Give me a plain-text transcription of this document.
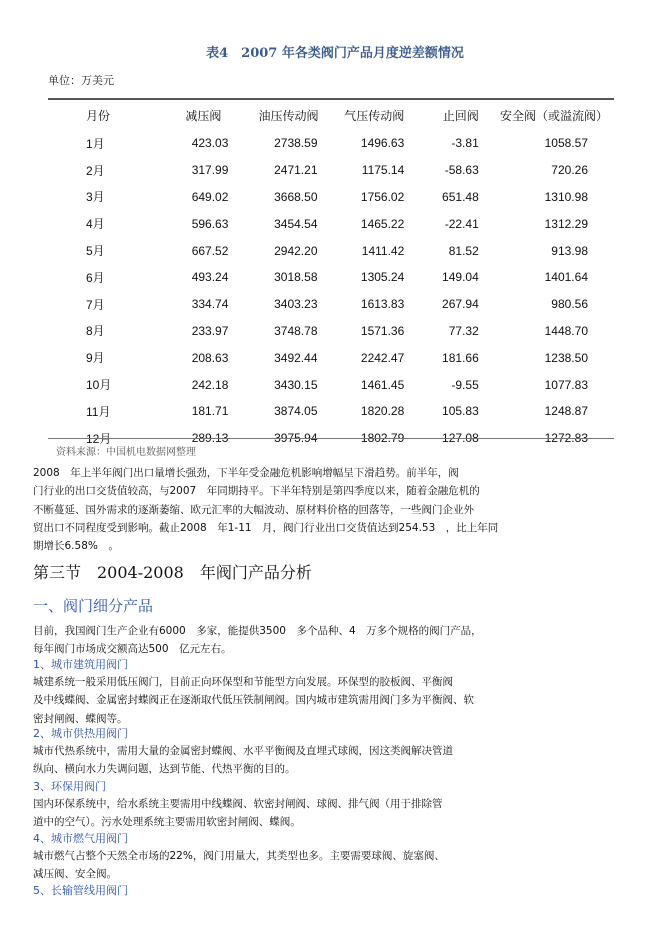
表4　2007 年各类阀门产品月度逆差额情况
单位：万美元
月份	减压阀	油压传动阀	气压传动阀	止回阀	安全阀（或溢流阀）
1月	423.03	2738.59	1496.63	-3.81	1058.57
2月	317.99	2471.21	1175.14	-58.63	720.26
3月	649.02	3668.50	1756.02	651.48	1310.98
4月	596.63	3454.54	1465.22	-22.41	1312.29
5月	667.52	2942.20	1411.42	81.52	913.98
6月	493.24	3018.58	1305.24	149.04	1401.64
7月	334.74	3403.23	1613.83	267.94	980.56
8月	233.97	3748.78	1571.36	77.32	1448.70
9月	208.63	3492.44	2242.47	181.66	1238.50
10月	242.18	3430.15	1461.45	-9.55	1077.83
11月	181.71	3874.05	1820.28	105.83	1248.87
12月	289.13	3975.94	1802.79	127.08	1272.83
资料来源：中国机电数据网整理
2008　年上半年阀门出口量增长强劲，下半年受金融危机影响增幅呈下滑趋势。前半年，阀
门行业的出口交货值较高，与2007　年同期持平。下半年特别是第四季度以来，随着金融危机的
不断蔓延、国外需求的逐渐萎缩、欧元汇率的大幅波动、原材料价格的回落等，一些阀门企业外
贸出口不同程度受到影响。截止2008　年1-11　月，阀门行业出口交货值达到254.53　，比上年同
期增长6.58%　。
第三节　2004-2008　年阀门产品分析
一、阀门细分产品
目前，我国阀门生产企业有6000　多家，能提供3500　多个品种、4　万多个规格的阀门产品，
每年阀门市场成交额高达500　亿元左右。
1、城市建筑用阀门
城建系统一般采用低压阀门，目前正向环保型和节能型方向发展。环保型的胶板阀、平衡阀
及中线蝶阀、金属密封蝶阀正在逐渐取代低压铁制闸阀。国内城市建筑需用阀门多为平衡阀、软
密封闸阀、蝶阀等。
2、城市供热用阀门
城市代热系统中，需用大量的金属密封蝶阀、水平平衡阀及直埋式球阀，因这类阀解决管道
纵向、横向水力失调问题，达到节能、代热平衡的目的。
3、环保用阀门
国内环保系统中，给水系统主要需用中线蝶阀、软密封闸阀、球阀、排气阀（用于排除管
道中的空气）。污水处理系统主要需用软密封闸阀、蝶阀。
4、城市燃气用阀门
城市燃气占整个天然全市场的22%，阀门用量大，其类型也多。主要需要球阀、旋塞阀、
减压阀、安全阀。
5、长输管线用阀门
